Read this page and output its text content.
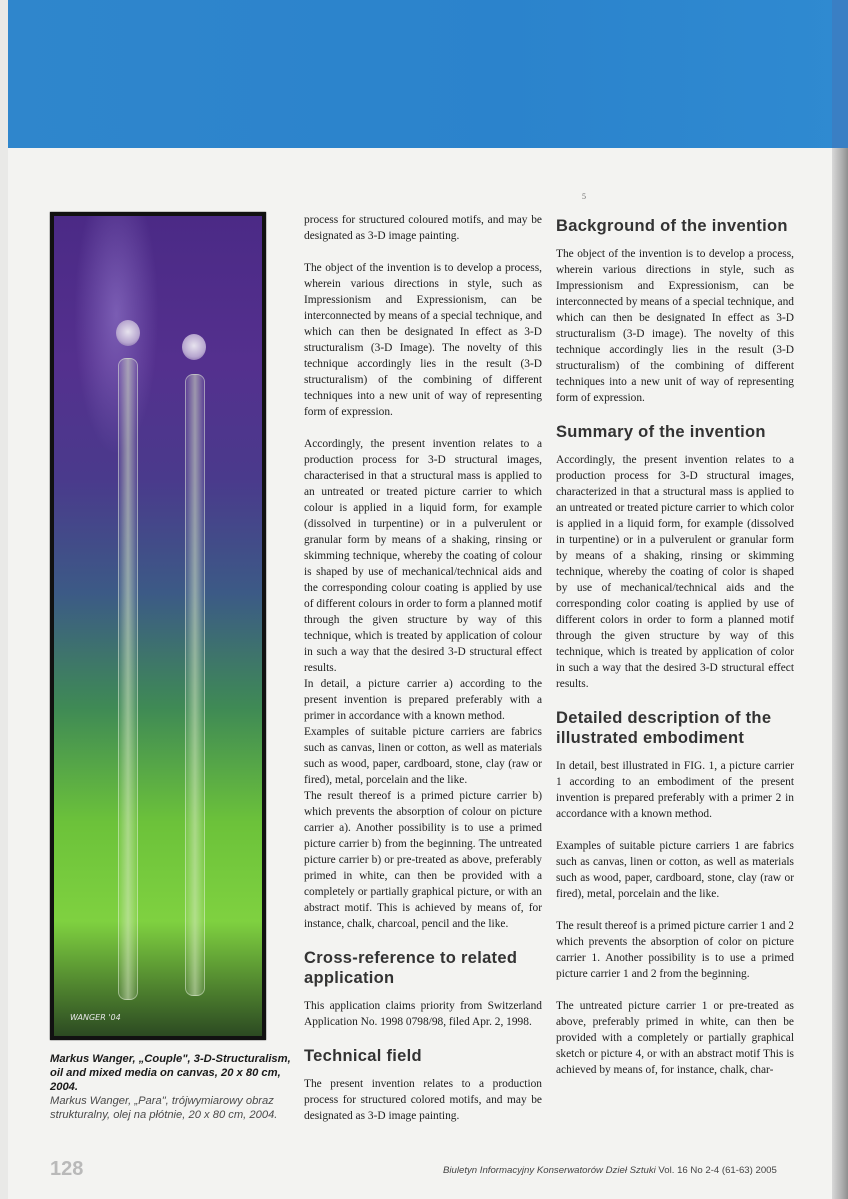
WANGER '04
Markus Wanger, „Couple", 3-D-Structuralism, oil and mixed media on canvas, 20 x 80 cm, 2004.
Markus Wanger, „Para", trójwymiarowy obraz strukturalny, olej na płótnie, 20 x 80 cm, 2004.

process for structured coloured motifs, and may be designated as 3-D image painting.

The object of the invention is to develop a process, wherein various directions in style, such as Impressionism and Expressionism, can be interconnected by means of a special technique, and which can then be designated In effect as 3-D structuralism (3-D Image). The novelty of this technique accordingly lies in the result (3-D structuralism) of the combining of different techniques into a new unit of way of representing form of expression.

Accordingly, the present invention relates to a production process for 3-D structural images, characterised in that a structural mass is applied to an untreated or treated picture carrier to which colour is applied in a liquid form, for example (dissolved in turpentine) or in a pulverulent or granular form by means of a shaking, rinsing or skimming technique, whereby the coating of colour is shaped by use of mechanical/technical aids and the corresponding colour coating is applied by use of different colours in order to form a planned motif through the given structure by way of this technique, which is treated by application of colour in such a way that the desired 3-D structural effect results.

In detail, a picture carrier a) according to the present invention is prepared preferably with a primer in accordance with a known method.

Examples of suitable picture carriers are fabrics such as canvas, linen or cotton, as well as materials such as wood, paper, cardboard, stone, clay (raw or fired), metal, porcelain and the like.

The result thereof is a primed picture carrier b) which prevents the absorption of colour on picture carrier a). Another possibility is to use a primed picture carrier b) from the beginning. The untreated picture carrier b) or pre-treated as above, preferably primed in white, can then be provided with a completely or partially graphical picture, or with an abstract motif. This is achieved by means of, for instance, chalk, charcoal, pencil and the like.

Cross-reference to related application

This application claims priority from Switzerland Application No. 1998 0798/98, filed Apr. 2, 1998.

Technical field

The present invention relates to a production process for structured colored motifs, and may be designated as 3-D image painting.

5
Background of the invention

The object of the invention is to develop a process, wherein various directions in style, such as Impressionism and Expressionism, can be interconnected by means of a special technique, and which can then be designated In effect as 3-D structuralism (3-D image). The novelty of this technique accordingly lies in the result (3-D structuralism) of the combining of different techniques into a new unit of way of representing form of expression.

Summary of the invention

Accordingly, the present invention relates to a production process for 3-D structural images, characterized in that a structural mass is applied to an untreated or treated picture carrier to which color is applied in a liquid form, for example (dissolved in turpentine) or in a pulverulent or granular form by means of a shaking, rinsing or skimming technique, whereby the coating of color is shaped by use of mechanical/technical aids and the corresponding color coating is applied by use of different colors in order to form a planned motif through the given structure by way of this technique, which is treated by application of color in such a way that the desired 3-D structural effect results.

Detailed description of the illustrated embodiment

In detail, best illustrated in FIG. 1, a picture carrier 1 according to an embodiment of the present invention is prepared preferably with a primer 2 in accordance with a known method.

Examples of suitable picture carriers 1 are fabrics such as canvas, linen or cotton, as well as materials such as wood, paper, cardboard, stone, clay (raw or fired), metal, porcelain and the like.

The result thereof is a primed picture carrier 1 and 2 which prevents the absorption of color on picture carrier 1. Another possibility is to use a primed picture carrier 1 and 2 from the beginning.

The untreated picture carrier 1 or pre-treated as above, preferably primed in white, can then be provided with a completely or partially graphical sketch or picture 4, or with an abstract motif This is achieved by means of, for instance, chalk, char-

128	Biuletyn Informacyjny Konserwatorów Dzieł Sztuki Vol. 16 No 2-4 (61-63) 2005
